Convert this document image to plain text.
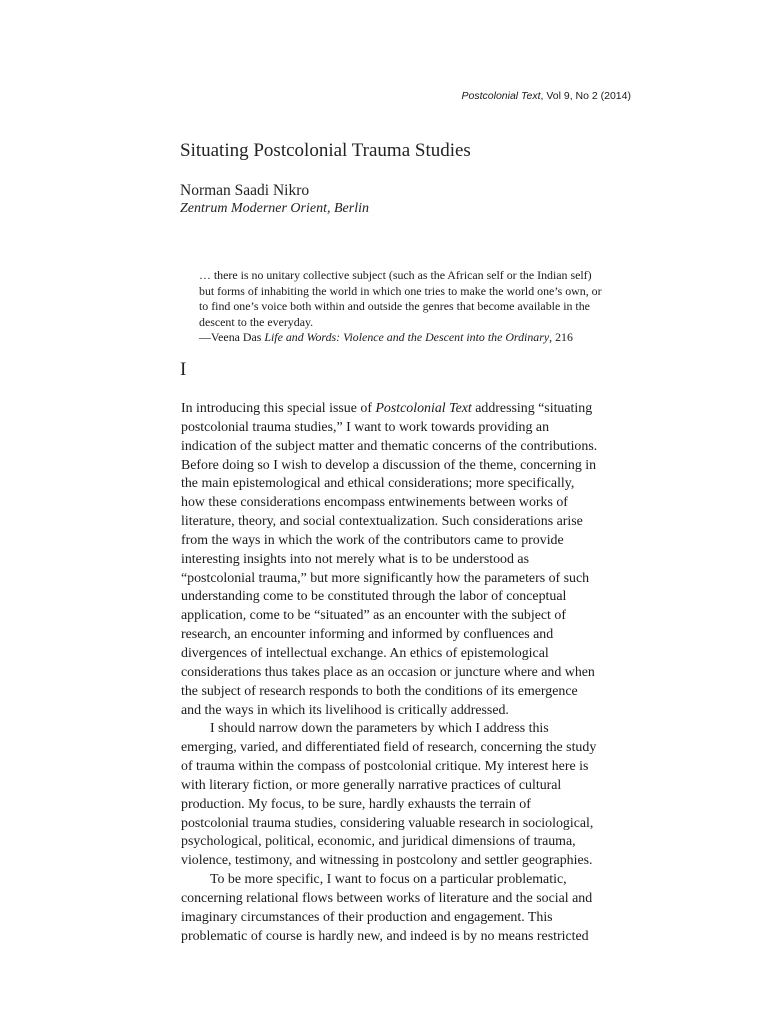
Postcolonial Text, Vol 9, No 2 (2014)
Situating Postcolonial Trauma Studies
Norman Saadi Nikro
Zentrum Moderner Orient, Berlin
… there is no unitary collective subject (such as the African self or the Indian self)
but forms of inhabiting the world in which one tries to make the world one’s own, or
to find one’s voice both within and outside the genres that become available in the
descent to the everyday.
—Veena Das Life and Words: Violence and the Descent into the Ordinary, 216
I
In introducing this special issue of Postcolonial Text addressing “situating
postcolonial trauma studies,” I want to work towards providing an
indication of the subject matter and thematic concerns of the contributions.
Before doing so I wish to develop a discussion of the theme, concerning in
the main epistemological and ethical considerations; more specifically,
how these considerations encompass entwinements between works of
literature, theory, and social contextualization. Such considerations arise
from the ways in which the work of the contributors came to provide
interesting insights into not merely what is to be understood as
“postcolonial trauma,” but more significantly how the parameters of such
understanding come to be constituted through the labor of conceptual
application, come to be “situated” as an encounter with the subject of
research, an encounter informing and informed by confluences and
divergences of intellectual exchange. An ethics of epistemological
considerations thus takes place as an occasion or juncture where and when
the subject of research responds to both the conditions of its emergence
and the ways in which its livelihood is critically addressed.
I should narrow down the parameters by which I address this
emerging, varied, and differentiated field of research, concerning the study
of trauma within the compass of postcolonial critique. My interest here is
with literary fiction, or more generally narrative practices of cultural
production. My focus, to be sure, hardly exhausts the terrain of
postcolonial trauma studies, considering valuable research in sociological,
psychological, political, economic, and juridical dimensions of trauma,
violence, testimony, and witnessing in postcolony and settler geographies.
To be more specific, I want to focus on a particular problematic,
concerning relational flows between works of literature and the social and
imaginary circumstances of their production and engagement. This
problematic of course is hardly new, and indeed is by no means restricted
